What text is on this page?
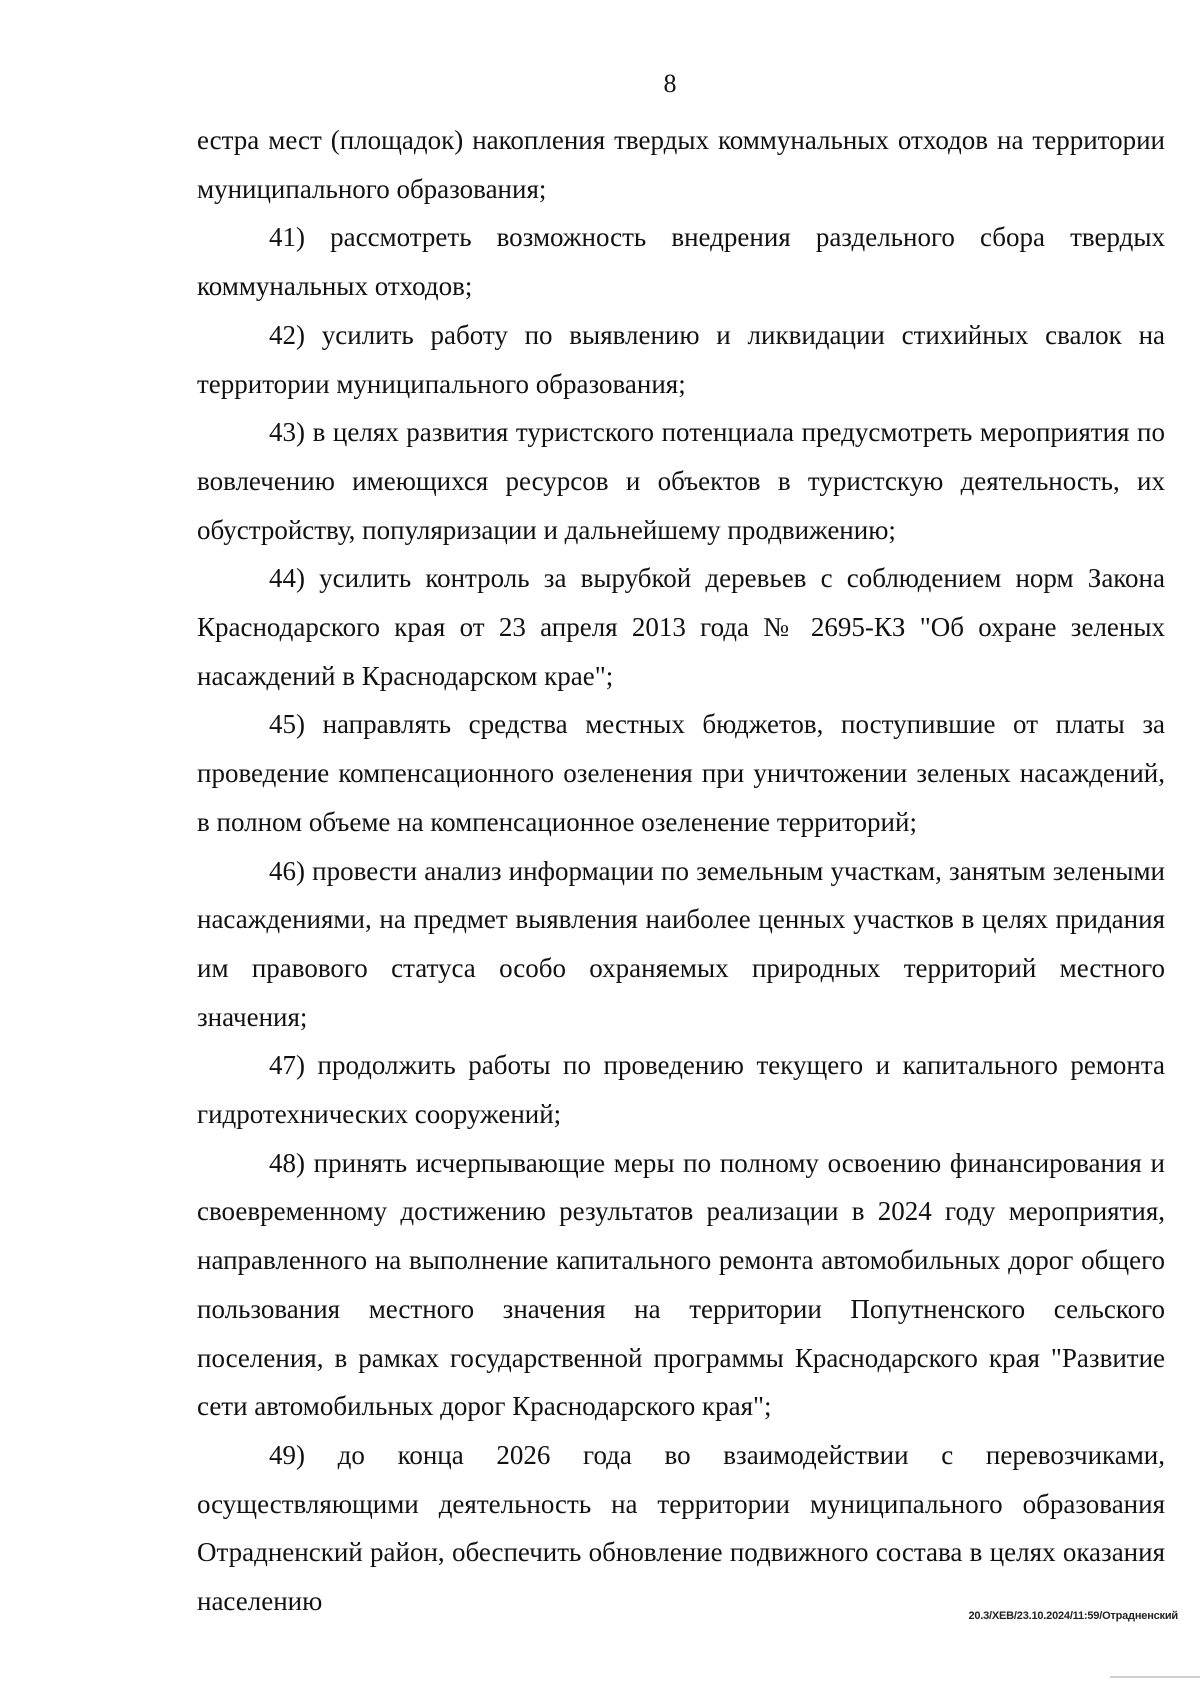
8

естра мест (площадок) накопления твердых коммунальных отходов на территории муниципального образования;

41) рассмотреть возможность внедрения раздельного сбора твердых коммунальных отходов;

42) усилить работу по выявлению и ликвидации стихийных свалок на территории муниципального образования;

43) в целях развития туристского потенциала предусмотреть мероприятия по вовлечению имеющихся ресурсов и объектов в туристскую деятельность, их обустройству, популяризации и дальнейшему продвижению;

44) усилить контроль за вырубкой деревьев с соблюдением норм Закона Краснодарского края от 23 апреля 2013 года № 2695-КЗ "Об охране зеленых насаждений в Краснодарском крае";

45) направлять средства местных бюджетов, поступившие от платы за проведение компенсационного озеленения при уничтожении зеленых насаждений, в полном объеме на компенсационное озеленение территорий;

46) провести анализ информации по земельным участкам, занятым зелеными насаждениями, на предмет выявления наиболее ценных участков в целях придания им правового статуса особо охраняемых природных территорий местного значения;

47) продолжить работы по проведению текущего и капитального ремонта гидротехнических сооружений;

48) принять исчерпывающие меры по полному освоению финансирования и своевременному достижению результатов реализации в 2024 году мероприятия, направленного на выполнение капитального ремонта автомобильных дорог общего пользования местного значения на территории Попутненского сельского поселения, в рамках государственной программы Краснодарского края "Развитие сети автомобильных дорог Краснодарского края";

49) до конца 2026 года во взаимодействии с перевозчиками, осуществляющими деятельность на территории муниципального образования Отрадненский район, обеспечить обновление подвижного состава в целях оказания населению	20.3/ХЕВ/23.10.2024/11:59/Отрадненский
